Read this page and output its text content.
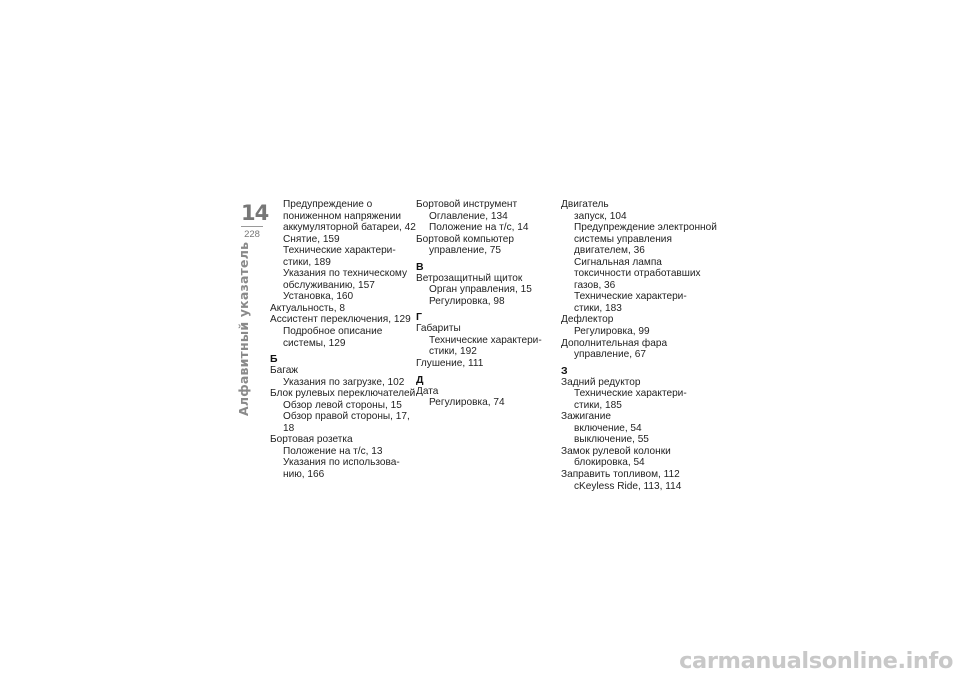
14
228
Алфавитный указатель
Предупреждение о
пониженном напряжении
аккумуляторной батареи, 42
Снятие, 159
Технические характери-
стики, 189
Указания по техническому
обслуживанию, 157
Установка, 160
Актуальность, 8
Ассистент переключения, 129
Подробное описание
системы, 129
Б
Багаж
Указания по загрузке, 102
Блок рулевых переключателей
Обзор левой стороны, 15
Обзор правой стороны, 17,
18
Бортовая розетка
Положение на т/с, 13
Указания по использова-
нию, 166
Бортовой инструмент
Оглавление, 134
Положение на т/с, 14
Бортовой компьютер
управление, 75
В
Ветрозащитный щиток
Орган управления, 15
Регулировка, 98
Г
Габариты
Технические характери-
стики, 192
Глушение, 111
Д
Дата
Регулировка, 74
Двигатель
запуск, 104
Предупреждение электронной
системы управления
двигателем, 36
Сигнальная лампа
токсичности отработавших
газов, 36
Технические характери-
стики, 183
Дефлектор
Регулировка, 99
Дополнительная фара
управление, 67
З
Задний редуктор
Технические характери-
стики, 185
Зажигание
включение, 54
выключение, 55
Замок рулевой колонки
блокировка, 54
Заправить топливом, 112
cKeyless Ride, 113, 114
carmanualsonline.info
